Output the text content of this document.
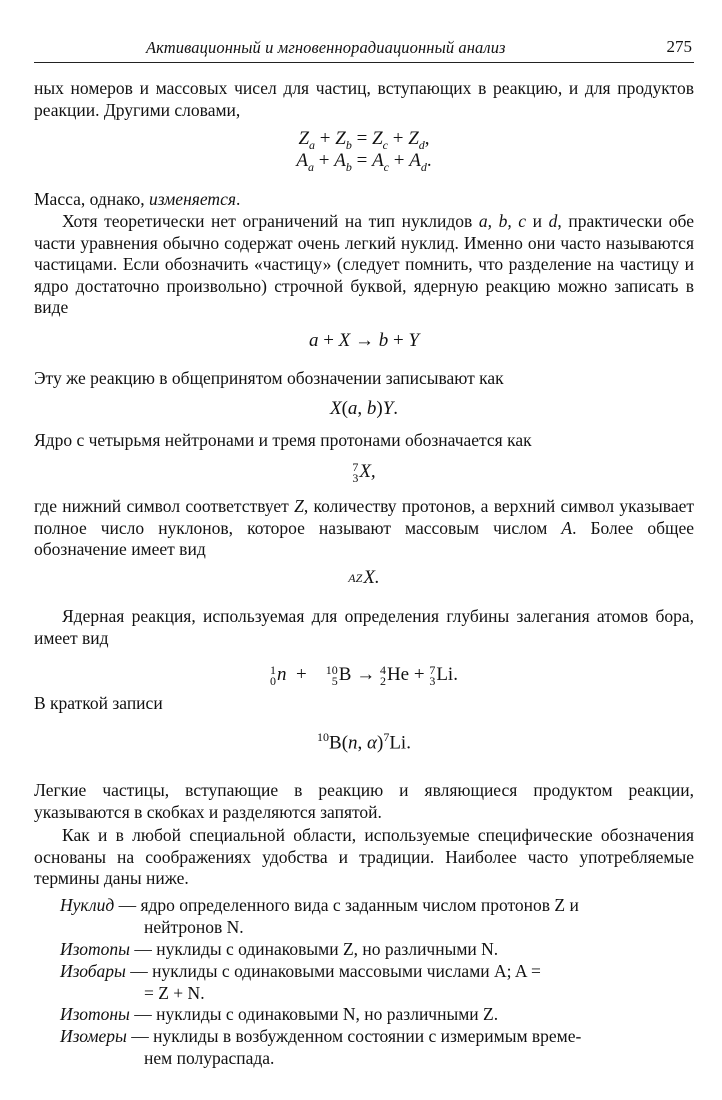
Активационный и мгновеннорадиационный анализ	275
ных номеров и массовых чисел для частиц, вступающих в реакцию, и для продуктов реакции. Другими словами,
$Z_a + Z_b = Z_c + Z_d$,
$A_a + A_b = A_c + A_d$.
Масса, однако, изменяется.
Хотя теоретически нет ограничений на тип нуклидов a, b, c и d, практически обе части уравнения обычно содержат очень легкий нуклид. Именно они часто называются частицами. Если обозначить «частицу» (следует помнить, что разделение на частицу и ядро достаточно произвольно) строчной буквой, ядерную реакцию можно записать в виде
a + X → b + Y
Эту же реакцию в общепринятом обозначении записывают как
X(a, b)Y.
Ядро с четырьмя нейтронами и тремя протонами обозначается как
7
3 X,
где нижний символ соответствует Z, количеству протонов, а верхний символ указывает полное число нуклонов, которое называют массовым числом A. Более общее обозначение имеет вид
AZX.
Ядерная реакция, используемая для определения глубины залегания атомов бора, имеет вид
1
0 n + 10
5 B → 4
2 He + 7
3 Li.
В краткой записи
$^{10}$B(n, α)$^7$Li.
Легкие частицы, вступающие в реакцию и являющиеся продуктом реакции, указываются в скобках и разделяются запятой.
Как и в любой специальной области, используемые специфические обозначения основаны на соображениях удобства и традиции. Наиболее часто употребляемые термины даны ниже.
Нуклид — ядро определенного вида с заданным числом протонов Z и
нейтронов N.
Изотопы — нуклиды с одинаковыми Z, но различными N.
Изобары — нуклиды с одинаковыми массовыми числами A; A =
= Z + N.
Изотоны — нуклиды с одинаковыми N, но различными Z.
Изомеры — нуклиды в возбужденном состоянии с измеримым време-
нем полураспада.
